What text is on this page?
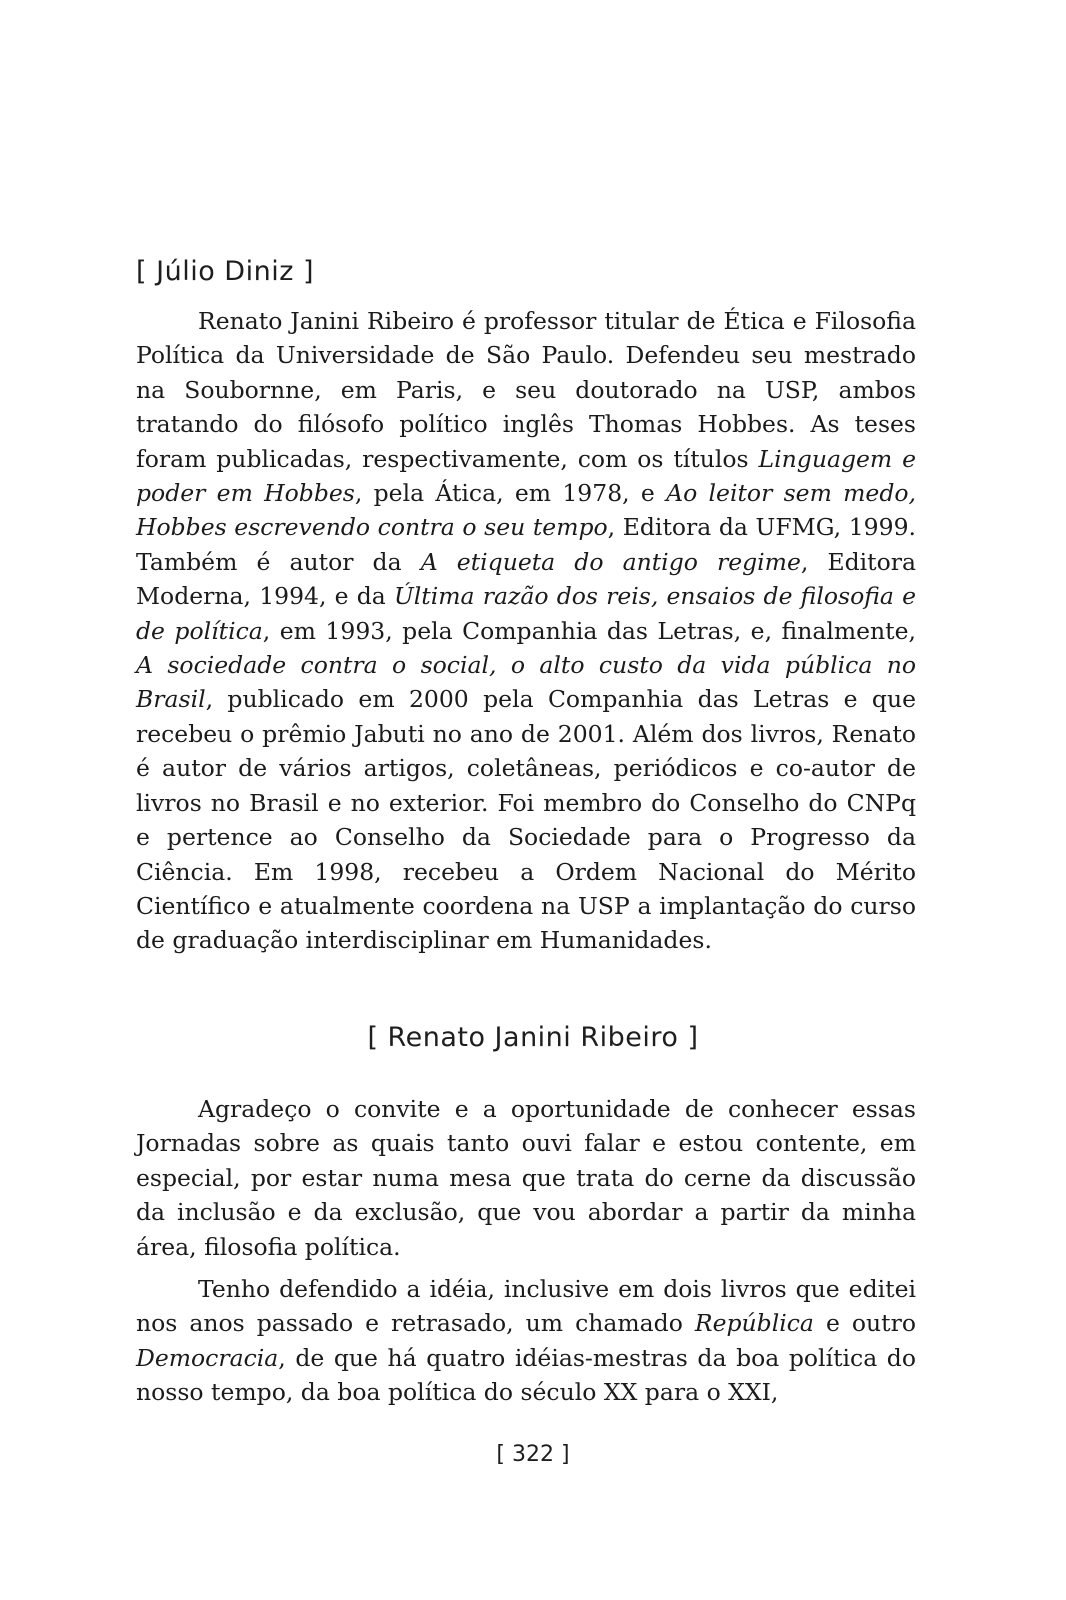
[ Júlio Diniz ]

Renato Janini Ribeiro é professor titular de Ética e Filosofia Política da Universidade de São Paulo. Defendeu seu mestrado na Soubornne, em Paris, e seu doutorado na USP, ambos tratando do filósofo político inglês Thomas Hobbes. As teses foram publicadas, respectivamente, com os títulos Linguagem e poder em Hobbes, pela Ática, em 1978, e Ao leitor sem medo, Hobbes escrevendo contra o seu tempo, Editora da UFMG, 1999. Também é autor da A etiqueta do antigo regime, Editora Moderna, 1994, e da Última razão dos reis, ensaios de filosofia e de política, em 1993, pela Companhia das Letras, e, finalmente, A sociedade contra o social, o alto custo da vida pública no Brasil, publicado em 2000 pela Companhia das Letras e que recebeu o prêmio Jabuti no ano de 2001. Além dos livros, Renato é autor de vários artigos, coletâneas, periódicos e co-autor de livros no Brasil e no exterior. Foi membro do Conselho do CNPq e pertence ao Conselho da Sociedade para o Progresso da Ciência. Em 1998, recebeu a Ordem Nacional do Mérito Científico e atualmente coordena na USP a implantação do curso de graduação interdisciplinar em Humanidades.

[ Renato Janini Ribeiro ]

Agradeço o convite e a oportunidade de conhecer essas Jornadas sobre as quais tanto ouvi falar e estou contente, em especial, por estar numa mesa que trata do cerne da discussão da inclusão e da exclusão, que vou abordar a partir da minha área, filosofia política.

Tenho defendido a idéia, inclusive em dois livros que editei nos anos passado e retrasado, um chamado República e outro Democracia, de que há quatro idéias-mestras da boa política do nosso tempo, da boa política do século XX para o XXI,

[ 322 ]
